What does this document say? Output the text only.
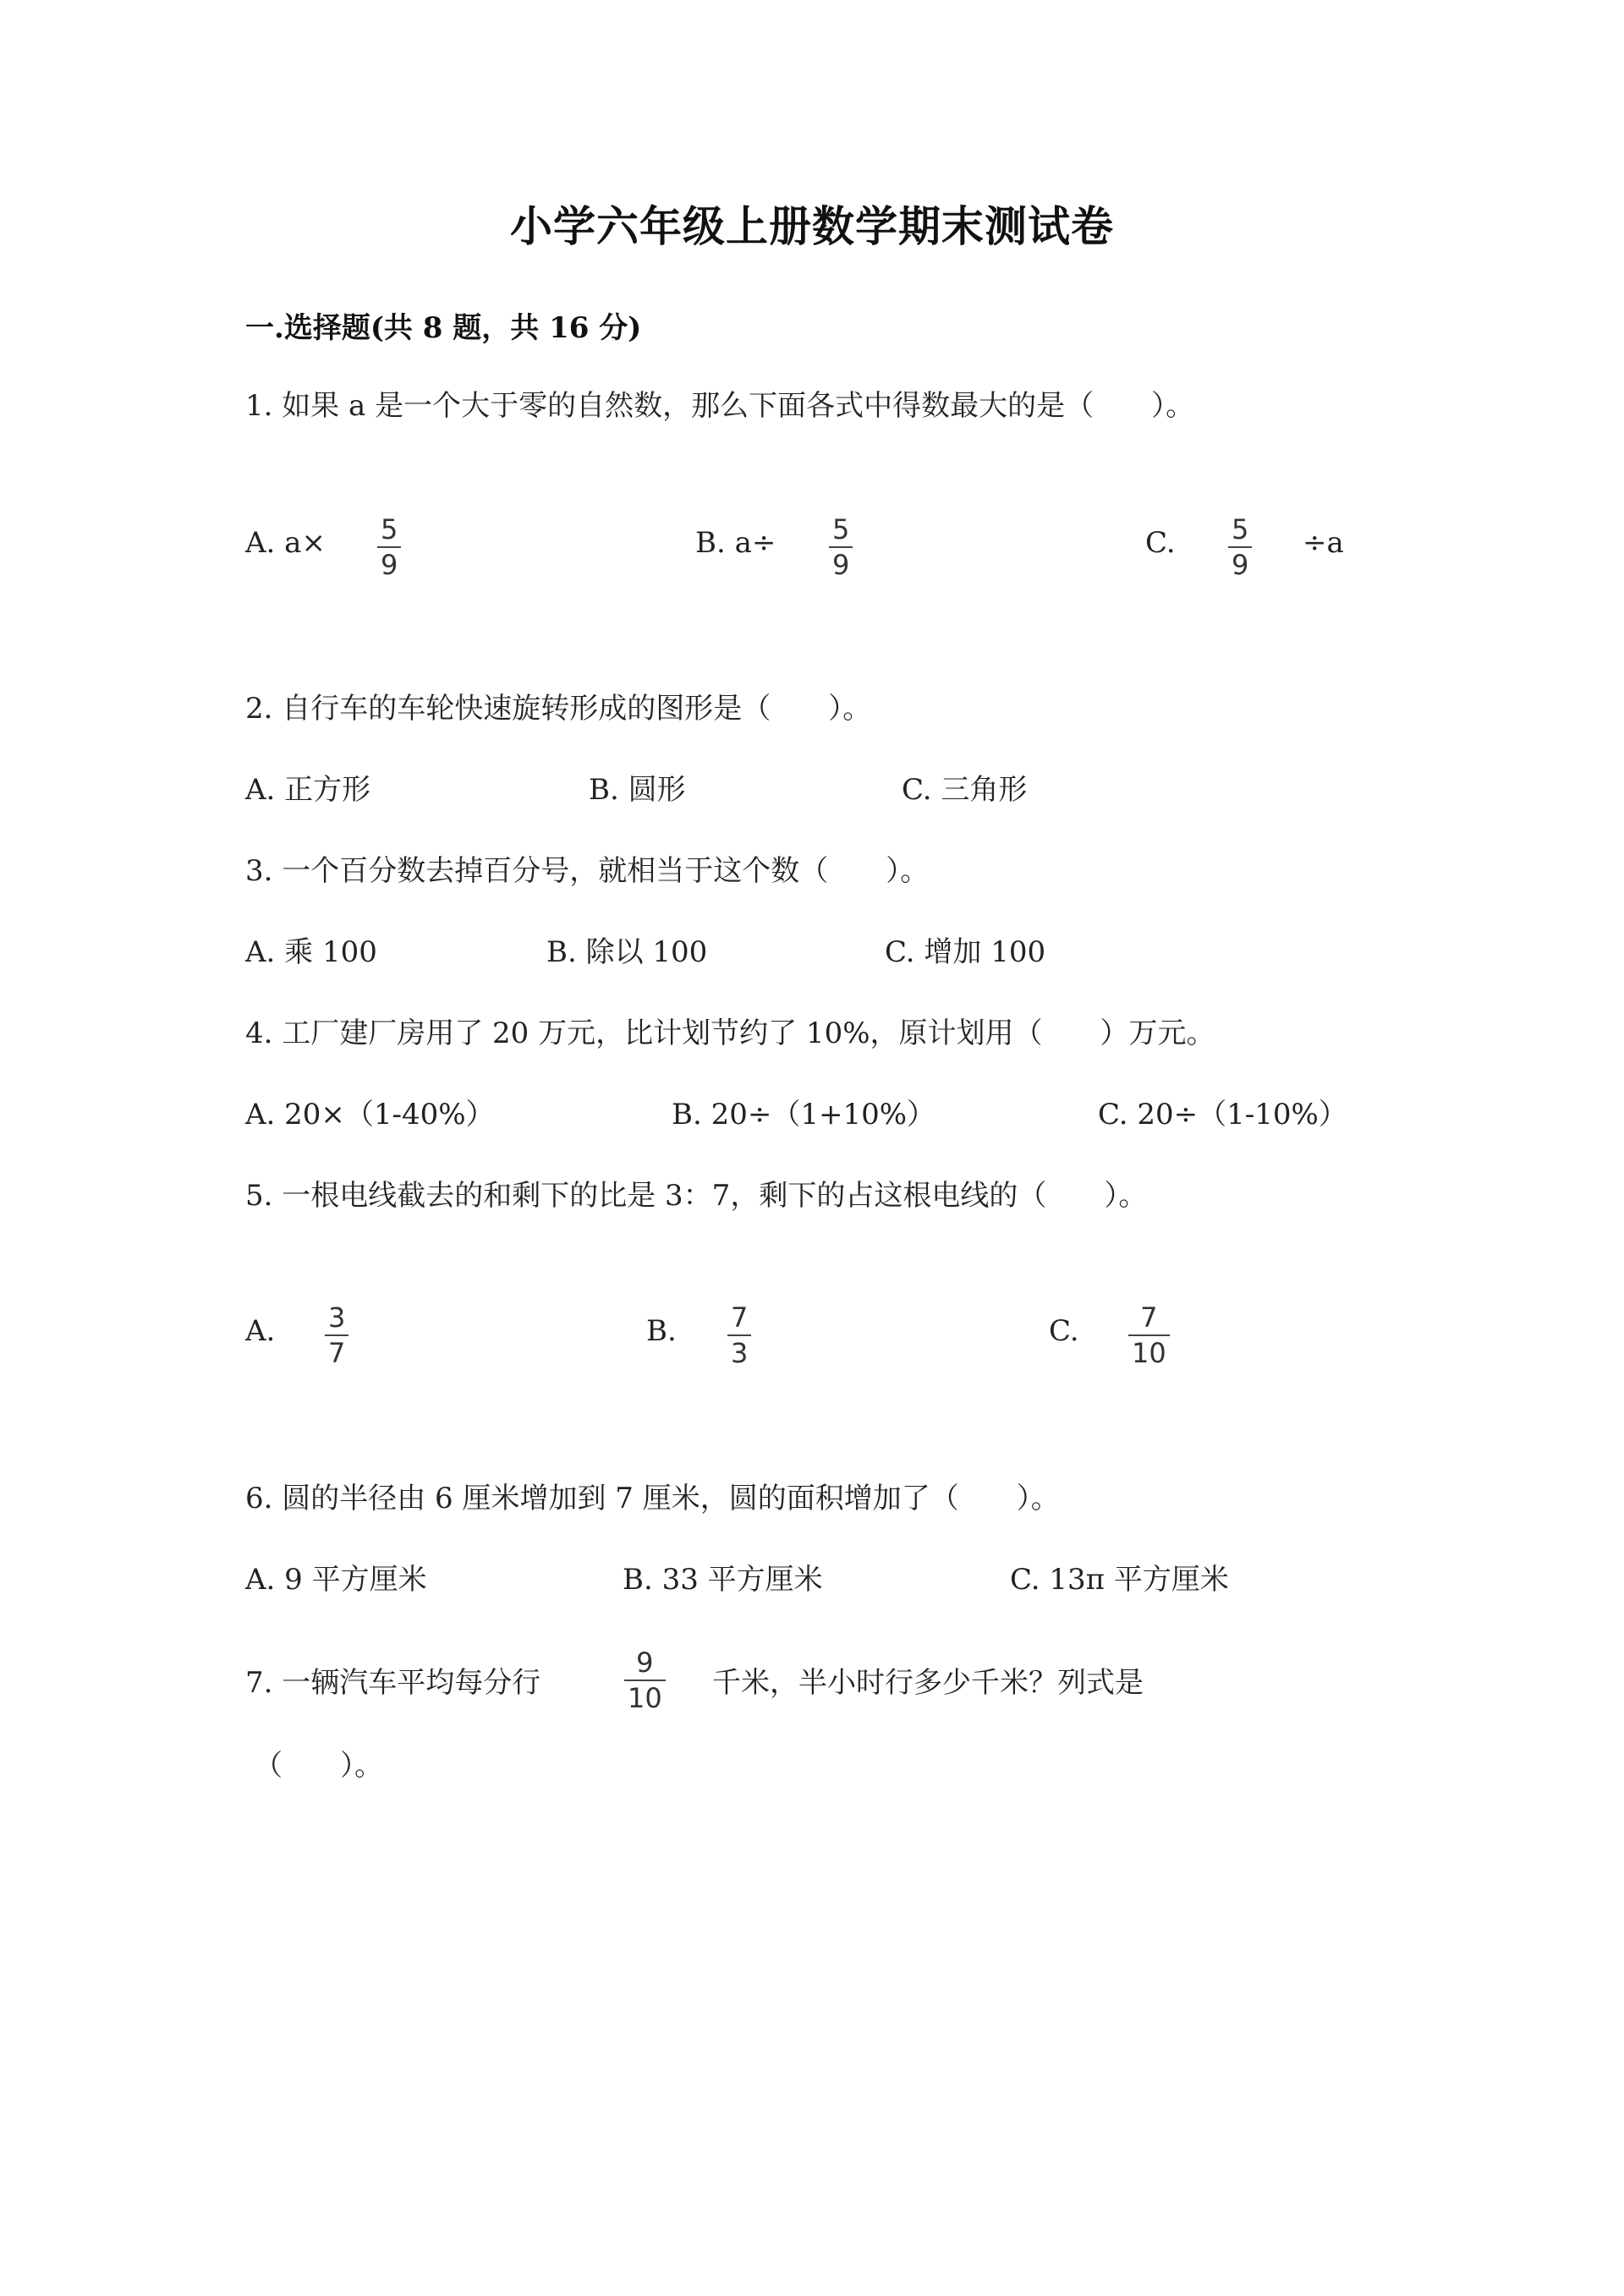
小学六年级上册数学期末测试卷
一.选择题(共 8 题，共 16 分)
1. 如果 a 是一个大于零的自然数，那么下面各式中得数最大的是（　　）。
A. a× 5
9
B. a÷ 5
9
C. 5
9
÷a
2. 自行车的车轮快速旋转形成的图形是（　　）。
A. 正方形	B. 圆形	C. 三角形
3. 一个百分数去掉百分号，就相当于这个数（　　）。
A. 乘 100	B. 除以 100	C. 增加 100
4. 工厂建厂房用了 20 万元，比计划节约了 10%，原计划用（　　）万元。
A. 20×（1-40%）	B. 20÷（1+10%）	C. 20÷（1-10%）
5. 一根电线截去的和剩下的比是 3：7，剩下的占这根电线的（　　）。
A. 3
7
B. 7
3
C. 7
10
6. 圆的半径由 6 厘米增加到 7 厘米，圆的面积增加了（　　）。
A. 9 平方厘米	B. 33 平方厘米	C. 13π 平方厘米
7. 一辆汽车平均每分行
9
10 千米，半小时行多少千米？列式是
（　　）。
